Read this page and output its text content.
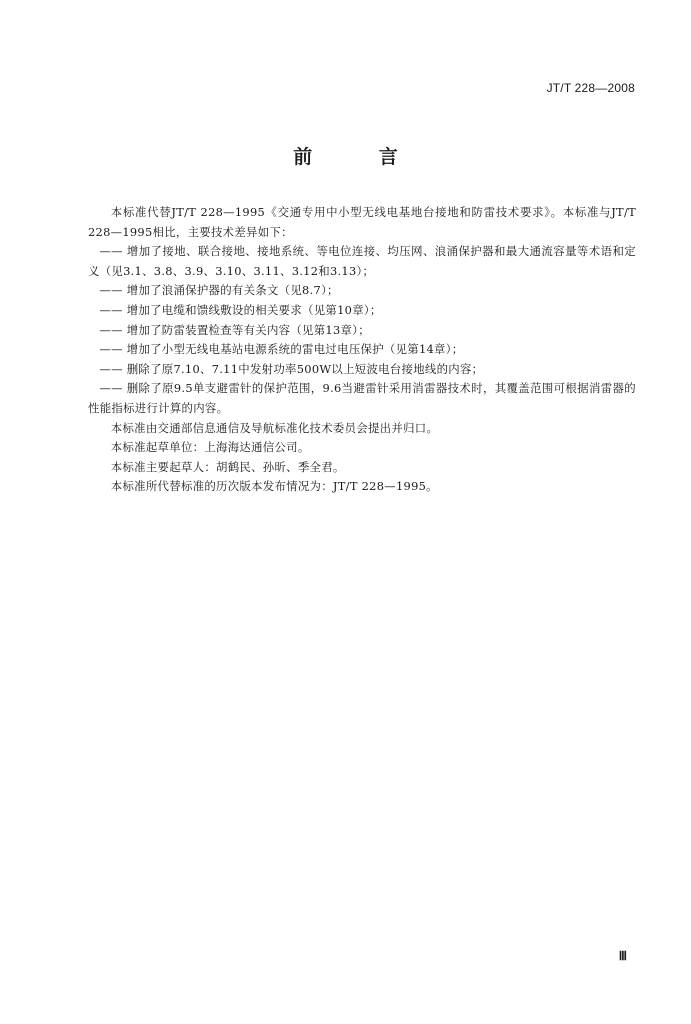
JT/T 228—2008
前 言

本标准代替JT/T 228—1995《交通专用中小型无线电基地台接地和防雷技术要求》。本标准与JT/T 228—1995相比，主要技术差异如下：

—— 增加了接地、联合接地、接地系统、等电位连接、均压网、浪涌保护器和最大通流容量等术语和定义（见3.1、3.8、3.9、3.10、3.11、3.12和3.13）；

—— 增加了浪涌保护器的有关条文（见8.7）；

—— 增加了电缆和馈线敷设的相关要求（见第10章）；

—— 增加了防雷装置检查等有关内容（见第13章）；

—— 增加了小型无线电基站电源系统的雷电过电压保护（见第14章）；

—— 删除了原7.10、7.11中发射功率500W以上短波电台接地线的内容；

—— 删除了原9.5单支避雷针的保护范围，9.6当避雷针采用消雷器技术时，其覆盖范围可根据消雷器的性能指标进行计算的内容。

本标准由交通部信息通信及导航标准化技术委员会提出并归口。

本标准起草单位：上海海达通信公司。

本标准主要起草人：胡鹤民、孙昕、季全君。

本标准所代替标准的历次版本发布情况为：JT/T 228—1995。

Ⅲ
